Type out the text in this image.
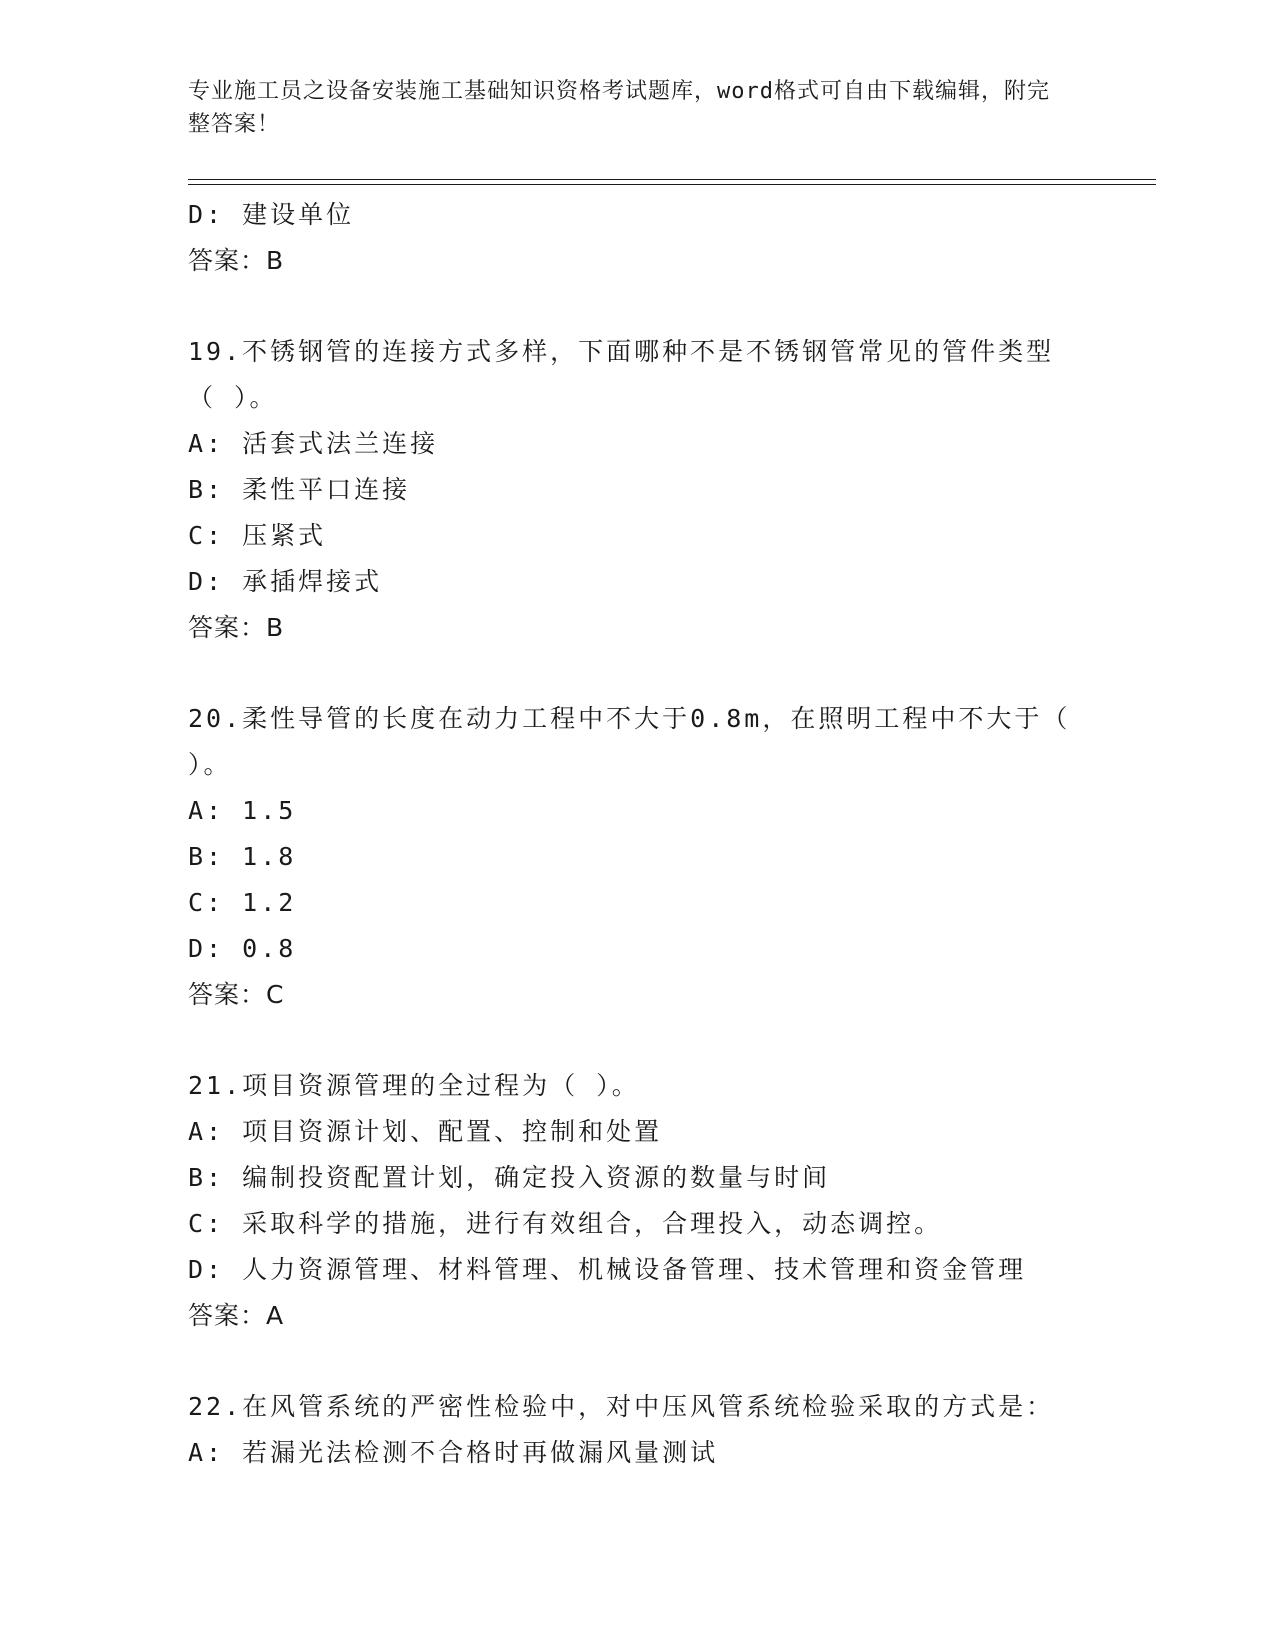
专业施工员之设备安装施工基础知识资格考试题库，word格式可自由下载编辑，附完整答案！
D: 建设单位
答案：B
19.不锈钢管的连接方式多样，下面哪种不是不锈钢管常见的管件类型
（ ）。
A: 活套式法兰连接
B: 柔性平口连接
C: 压紧式
D: 承插焊接式
答案：B
20.柔性导管的长度在动力工程中不大于0.8m，在照明工程中不大于（
）。
A: 1.5
B: 1.8
C: 1.2
D: 0.8
答案：C
21.项目资源管理的全过程为（ ）。
A: 项目资源计划、配置、控制和处置
B: 编制投资配置计划，确定投入资源的数量与时间
C: 采取科学的措施，进行有效组合，合理投入，动态调控。
D: 人力资源管理、材料管理、机械设备管理、技术管理和资金管理
答案：A
22.在风管系统的严密性检验中，对中压风管系统检验采取的方式是：
A: 若漏光法检测不合格时再做漏风量测试
